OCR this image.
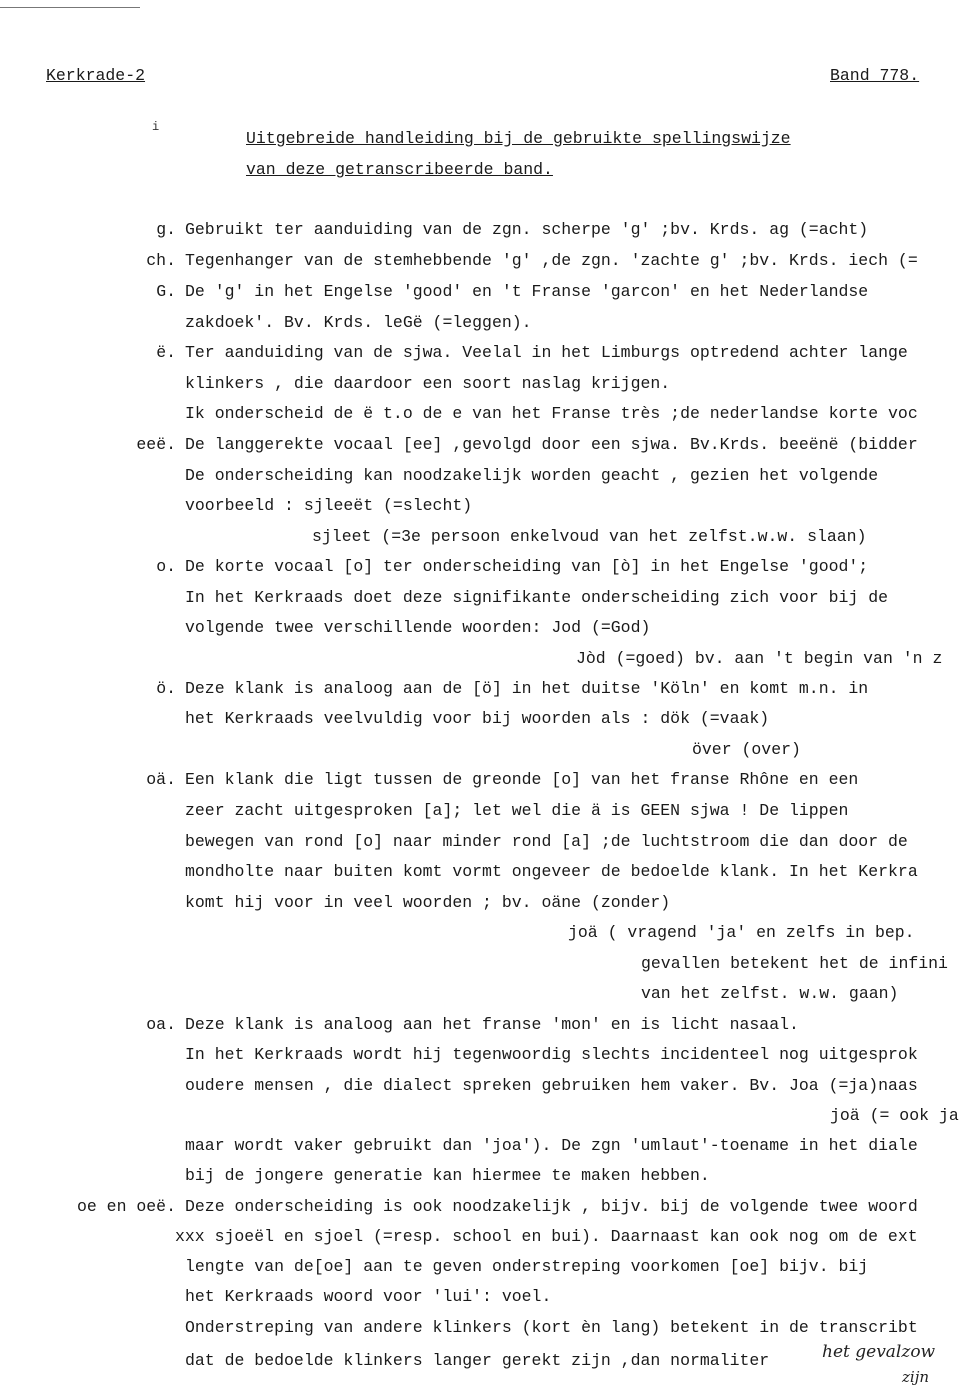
Kerkrade-2	Band 778.
i
Uitgebreide handleiding bij de gebruikte spellingswijze
van deze getranscribeerde band.
g.
ch.
G.
ë.
eeë.
o.
ö.
oä.
oa.
oe en oeë.
Gebruikt ter aanduiding van de zgn. scherpe 'g' ;bv. Krds. ag (=acht)
Tegenhanger van de stemhebbende 'g' ,de zgn. 'zachte g' ;bv. Krds. iech (=
De 'g' in het Engelse 'good' en 't Franse 'garcon' en het Nederlandse
zakdoek'. Bv. Krds. leGë (=leggen).
Ter aanduiding van de sjwa. Veelal in het Limburgs optredend achter lange
klinkers , die daardoor een soort naslag krijgen.
Ik onderscheid de ë t.o de e van het Franse très ;de nederlandse korte voc
De langgerekte vocaal [ee] ,gevolgd door een sjwa. Bv.Krds. beeënë (bidder
De onderscheiding kan noodzakelijk worden geacht , gezien het volgende
voorbeeld : sjleeët (=slecht)
sjleet (=3e persoon enkelvoud van het zelfst.w.w. slaan)
De korte vocaal [o] ter onderscheiding van [ò] in het Engelse 'good';
In het Kerkraads doet deze signifikante onderscheiding zich voor bij de
volgende twee verschillende woorden: Jod (=God)
Jòd (=goed) bv. aan 't begin van 'n z
Deze klank is analoog aan de [ö] in het duitse 'Köln' en komt m.n. in
het Kerkraads veelvuldig voor bij woorden als : dök (=vaak)
över (over)
Een klank die ligt tussen de greonde [o] van het franse Rhône en een
zeer zacht uitgesproken [a]; let wel die ä is GEEN sjwa ! De lippen
bewegen van rond [o] naar minder rond [a] ;de luchtstroom die dan door de
mondholte naar buiten komt vormt ongeveer de bedoelde klank. In het Kerkra
komt hij voor in veel woorden ; bv. oäne (zonder)
joä ( vragend 'ja' en zelfs in bep.
gevallen betekent het de infini
van het zelfst. w.w. gaan)
Deze klank is analoog aan het franse 'mon' en is licht nasaal.
In het Kerkraads wordt hij tegenwoordig slechts incidenteel nog uitgesprok
oudere mensen , die dialect spreken gebruiken hem vaker. Bv. Joa (=ja)naas
joä (= ook ja
maar wordt vaker gebruikt dan 'joa'). De zgn 'umlaut'-toename in het diale
bij de jongere generatie kan hiermee te maken hebben.
Deze onderscheiding is ook noodzakelijk , bijv. bij de volgende twee woord
xxx sjoeël en sjoel (=resp. school en bui). Daarnaast kan ook nog om de ext
lengte van de[oe] aan te geven onderstreping voorkomen [oe] bijv. bij
het Kerkraads woord voor 'lui': voel.
Onderstreping van andere klinkers (kort èn lang) betekent in de transcribt
dat de bedoelde klinkers langer gerekt zijn ,dan normaliter	het gevalzow
zijn
